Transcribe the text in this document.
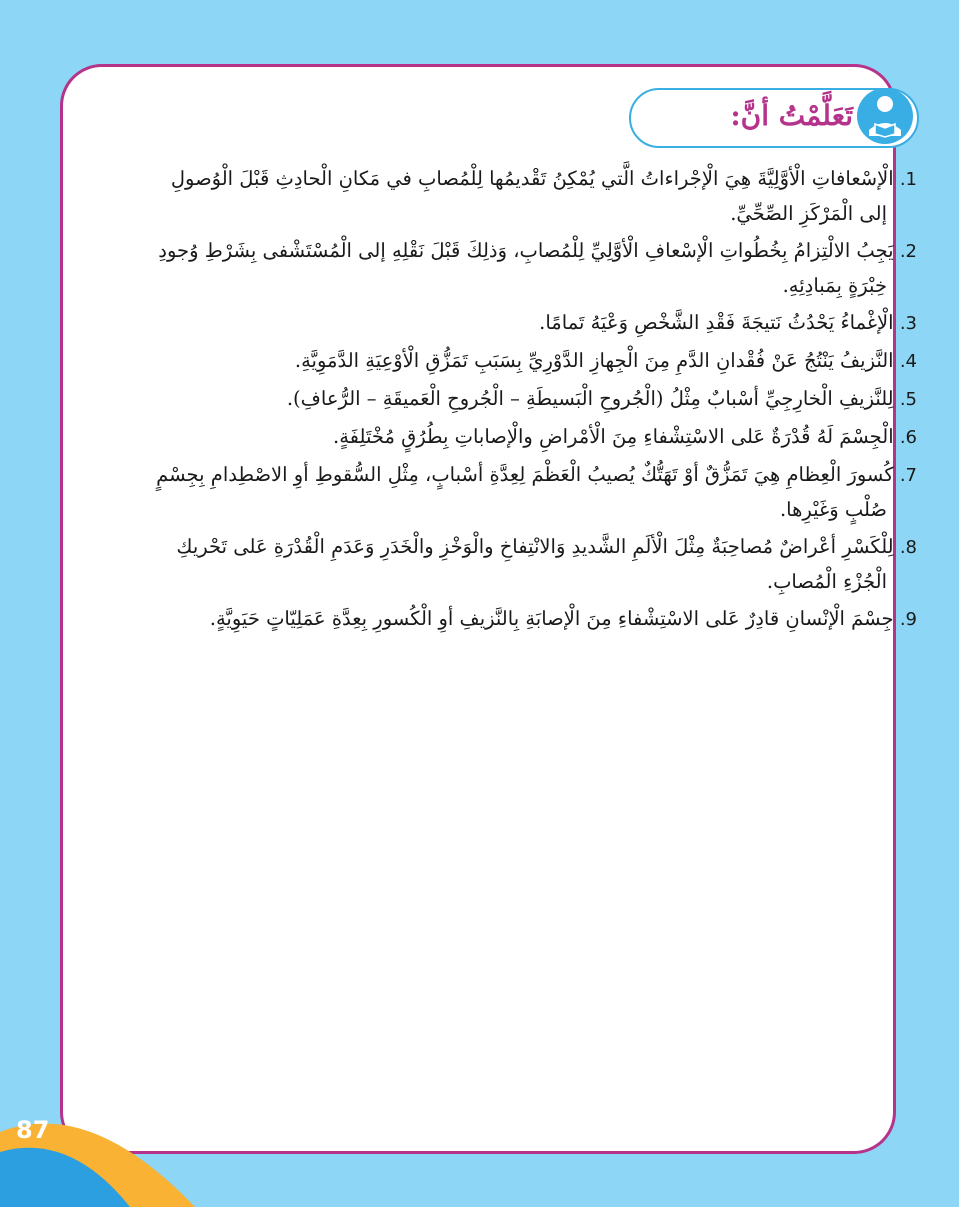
تَعَلَّمْتُ أنَّ:
1. الْإسْعافاتِ الْأوَّلِيَّةَ هِيَ الْإجْراءاتُ الَّتي يُمْكِنُ تَقْديمُها لِلْمُصابِ في مَكانِ الْحادِثِ قَبْلَ الْوُصولِ
إلى الْمَرْكَزِ الصِّحِّيِّ.
2. يَجِبُ الالْتِزامُ بِخُطُواتِ الْإسْعافِ الْأوَّلِيِّ لِلْمُصابِ، وَذلِكَ قَبْلَ نَقْلِهِ إلى الْمُسْتَشْفى بِشَرْطِ وُجودِ
خِبْرَةٍ بِمَبادِئِهِ.
3. الْإغْماءُ يَحْدُثُ نَتيجَةَ فَقْدِ الشَّخْصِ وَعْيَهُ تَمامًا.
4. النَّزيفُ يَنْتُجُ عَنْ فُقْدانِ الدَّمِ مِنَ الْجِهازِ الدَّوْرِيِّ بِسَبَبِ تَمَزُّقِ الْأوْعِيَةِ الدَّمَوِيَّةِ.
5. لِلنَّزيفِ الْخارِجِيِّ أسْبابٌ مِثْلُ (الْجُروحِ الْبَسيطَةِ – الْجُروحِ الْعَميقَةِ – الرُّعافِ).
6. الْجِسْمَ لَهُ قُدْرَةٌ عَلى الاسْتِشْفاءِ مِنَ الْأمْراضِ والْإصاباتِ بِطُرُقٍ مُخْتَلِفَةٍ.
7. كُسورَ الْعِظامِ هِيَ تَمَزُّقٌ أوْ تَهَتُّكٌ يُصيبُ الْعَظْمَ لِعِدَّةِ أسْبابٍ، مِثْلِ السُّقوطِ أوِ الاصْطِدامِ بِجِسْمٍ
صُلْبٍ وَغَيْرِها.
8. لِلْكَسْرِ أعْراضٌ مُصاحِبَةٌ مِثْلَ الْألَمِ الشَّديدِ وَالانْتِفاخِ والْوَخْزِ والْخَدَرِ وَعَدَمِ الْقُدْرَةِ عَلى تَحْريكِ
الْجُزْءِ الْمُصابِ.
9. جِسْمَ الْإنْسانِ قادِرٌ عَلى الاسْتِشْفاءِ مِنَ الْإصابَةِ بِالنَّزيفِ أوِ الْكُسورِ بِعِدَّةِ عَمَلِيّاتٍ حَيَوِيَّةٍ.
87
